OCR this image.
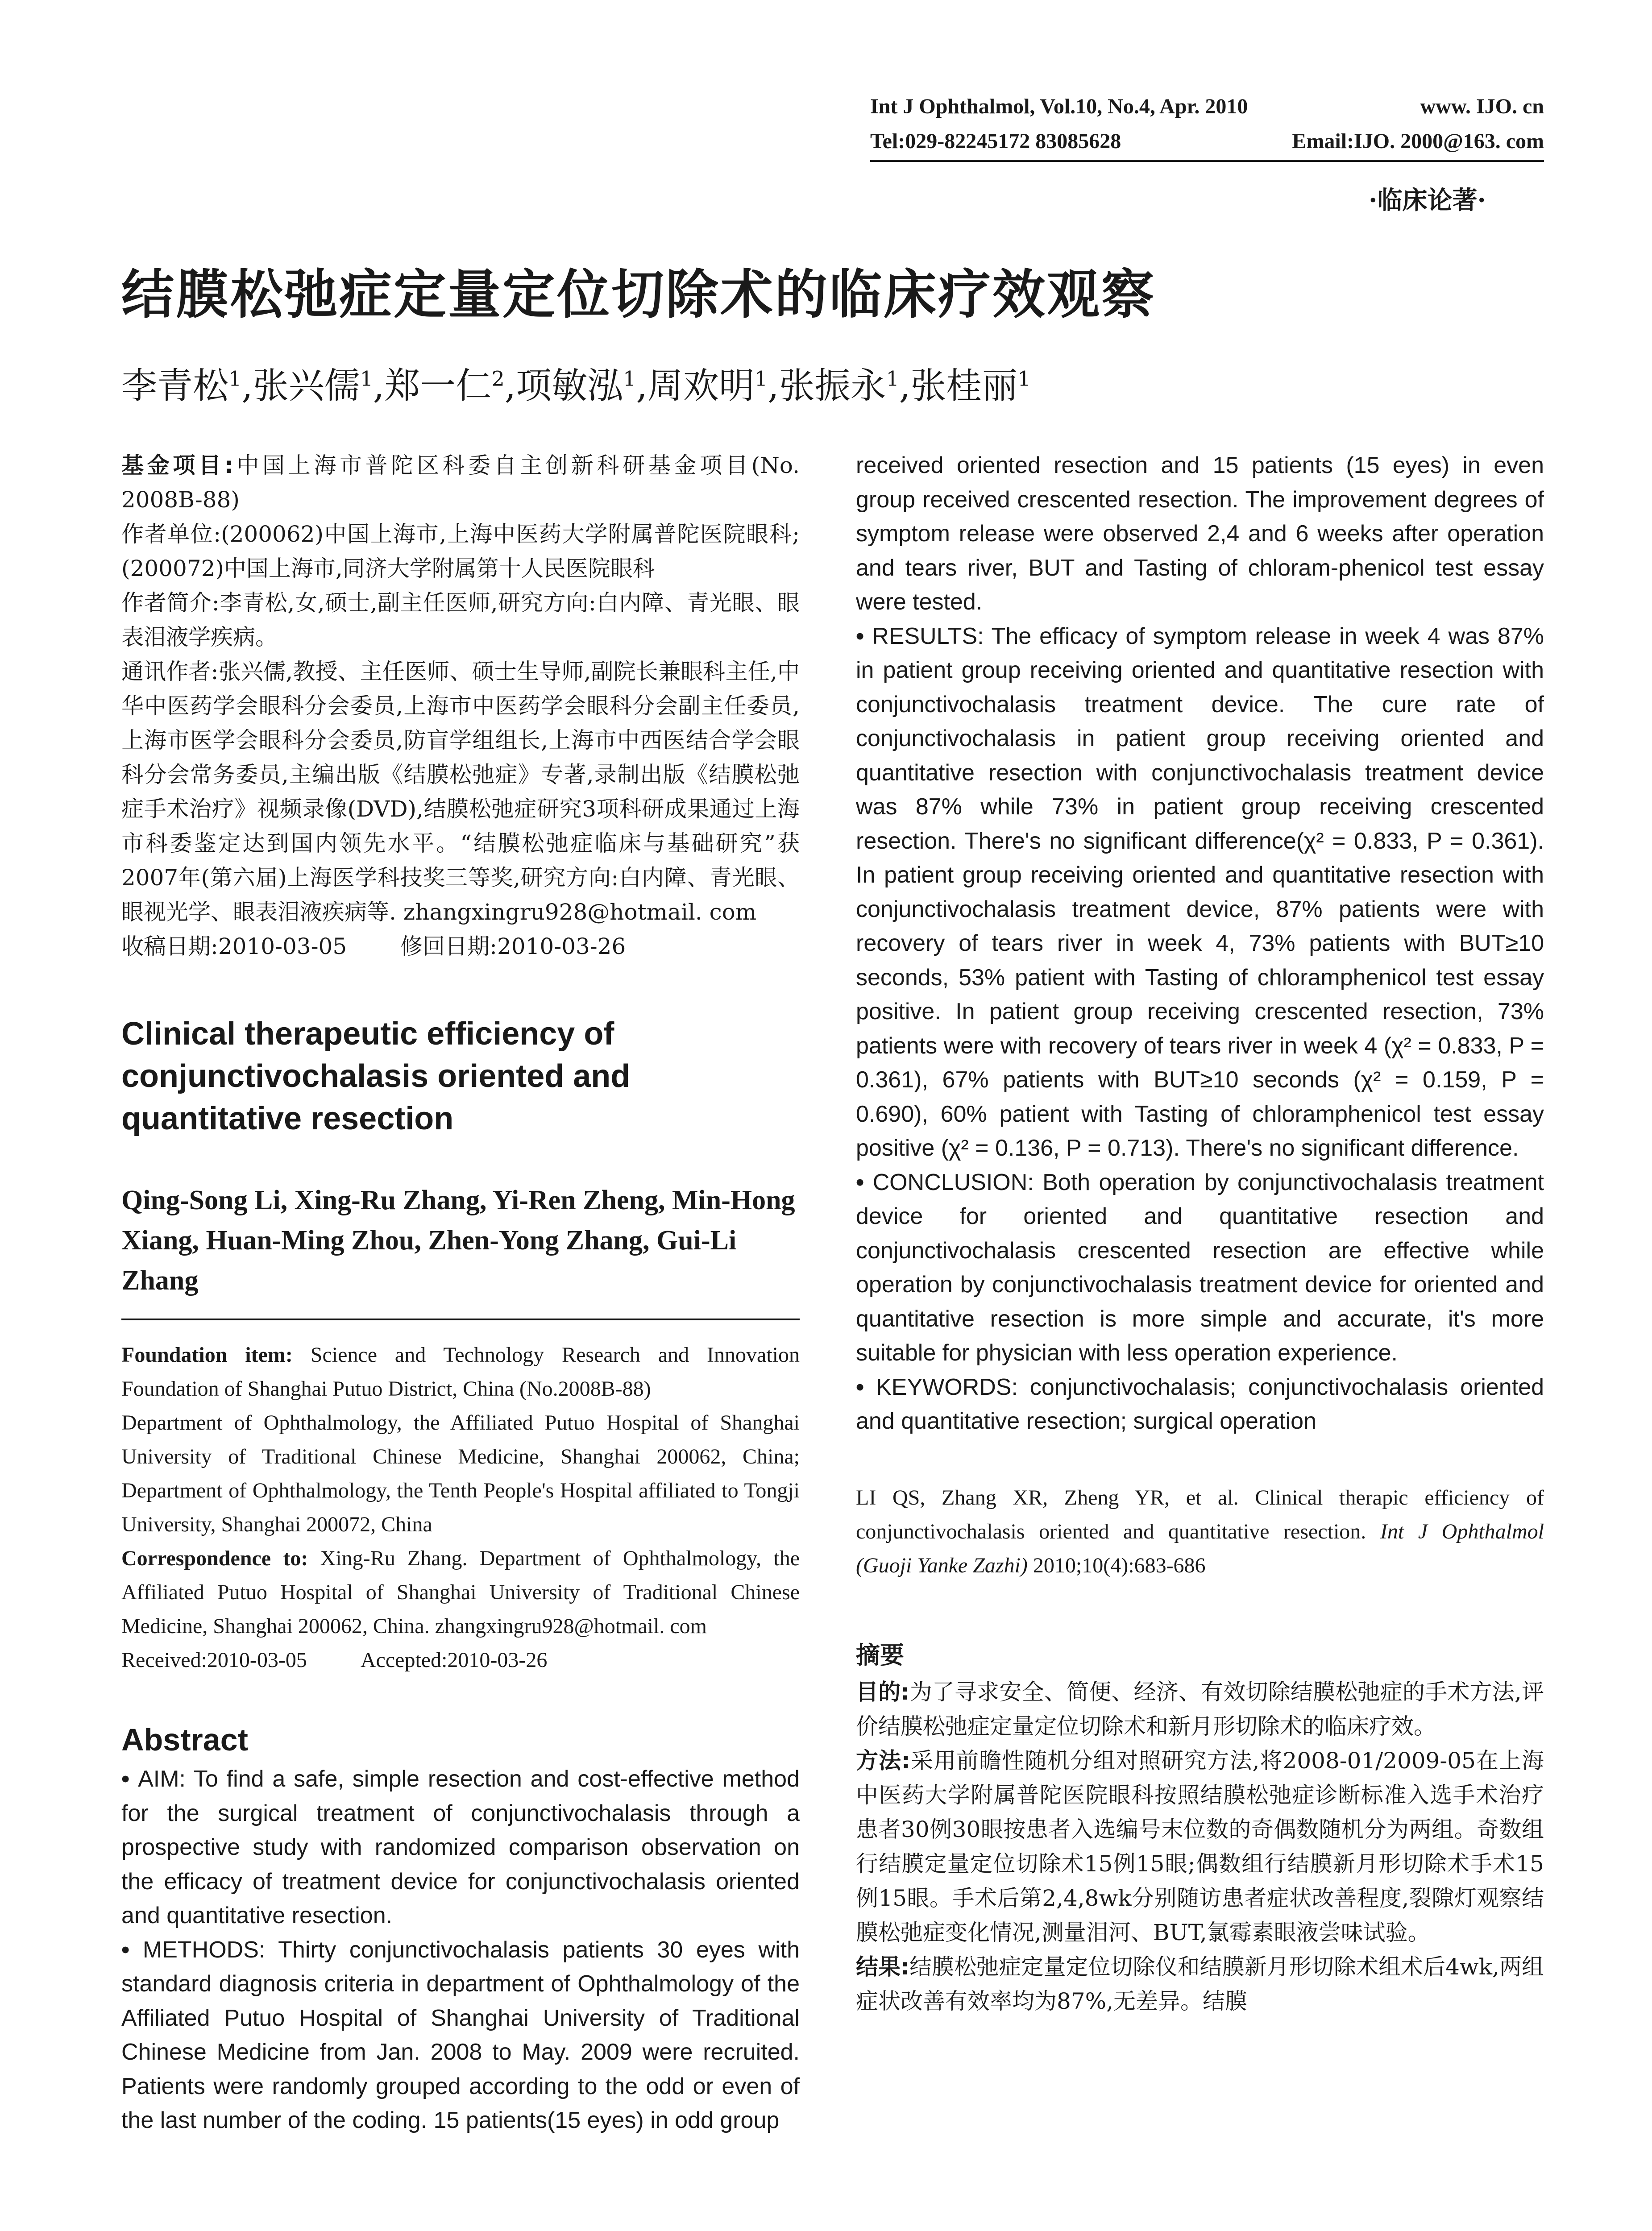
Int J Ophthalmol, Vol.10, No.4, Apr. 2010	www. IJO. cn
Tel:029-82245172 83085628	Email:IJO. 2000@163. com
·临床论著·
结膜松弛症定量定位切除术的临床疗效观察
李青松$^1$,张兴儒$^1$,郑一仁$^2$,项敏泓$^1$,周欢明$^1$,张振永$^1$,张桂丽$^1$

基金项目:中国上海市普陀区科委自主创新科研基金项目(No. 2008B-88)

作者单位:(200062)中国上海市,上海中医药大学附属普陀医院眼科;(200072)中国上海市,同济大学附属第十人民医院眼科

作者简介:李青松,女,硕士,副主任医师,研究方向:白内障、青光眼、眼表泪液学疾病。

通讯作者:张兴儒,教授、主任医师、硕士生导师,副院长兼眼科主任,中华中医药学会眼科分会委员,上海市中医药学会眼科分会副主任委员,上海市医学会眼科分会委员,防盲学组组长,上海市中西医结合学会眼科分会常务委员,主编出版《结膜松弛症》专著,录制出版《结膜松弛症手术治疗》视频录像(DVD),结膜松弛症研究3项科研成果通过上海市科委鉴定达到国内领先水平。“结膜松弛症临床与基础研究”获2007年(第六届)上海医学科技奖三等奖,研究方向:白内障、青光眼、眼视光学、眼表泪液疾病等. zhangxingru928@hotmail. com

收稿日期:2010-03-05 修回日期:2010-03-26

Clinical therapeutic efficiency of conjunctivochalasis oriented and quantitative resection
Qing-Song Li, Xing-Ru Zhang, Yi-Ren Zheng, Min-Hong Xiang, Huan-Ming Zhou, Zhen-Yong Zhang, Gui-Li Zhang

Foundation item: Science and Technology Research and Innovation Foundation of Shanghai Putuo District, China (No.2008B-88)

Department of Ophthalmology, the Affiliated Putuo Hospital of Shanghai University of Traditional Chinese Medicine, Shanghai 200062, China; Department of Ophthalmology, the Tenth People's Hospital affiliated to Tongji University, Shanghai 200072, China

Correspondence to: Xing-Ru Zhang. Department of Ophthalmology, the Affiliated Putuo Hospital of Shanghai University of Traditional Chinese Medicine, Shanghai 200062, China. zhangxingru928@hotmail. com

Received:2010-03-05	Accepted:2010-03-26

Abstract

• AIM: To find a safe, simple resection and cost-effective method for the surgical treatment of conjunctivochalasis through a prospective study with randomized comparison observation on the efficacy of treatment device for conjunctivochalasis oriented and quantitative resection.

• METHODS: Thirty conjunctivochalasis patients 30 eyes with standard diagnosis criteria in department of Ophthalmology of the Affiliated Putuo Hospital of Shanghai University of Traditional Chinese Medicine from Jan. 2008 to May. 2009 were recruited. Patients were randomly grouped according to the odd or even of the last number of the coding. 15 patients(15 eyes) in odd group

received oriented resection and 15 patients (15 eyes) in even group received crescented resection. The improvement degrees of symptom release were observed 2,4 and 6 weeks after operation and tears river, BUT and Tasting of chloram-phenicol test essay were tested.

• RESULTS: The efficacy of symptom release in week 4 was 87% in patient group receiving oriented and quantitative resection with conjunctivochalasis treatment device. The cure rate of conjunctivochalasis in patient group receiving oriented and quantitative resection with conjunctivochalasis treatment device was 87% while 73% in patient group receiving crescented resection. There's no significant difference(χ² = 0.833, P = 0.361). In patient group receiving oriented and quantitative resection with conjunctivochalasis treatment device, 87% patients were with recovery of tears river in week 4, 73% patients with BUT≥10 seconds, 53% patient with Tasting of chloramphenicol test essay positive. In patient group receiving crescented resection, 73% patients were with recovery of tears river in week 4 (χ² = 0.833, P = 0.361), 67% patients with BUT≥10 seconds (χ² = 0.159, P = 0.690), 60% patient with Tasting of chloramphenicol test essay positive (χ² = 0.136, P = 0.713). There's no significant difference.

• CONCLUSION: Both operation by conjunctivochalasis treatment device for oriented and quantitative resection and conjunctivochalasis crescented resection are effective while operation by conjunctivochalasis treatment device for oriented and quantitative resection is more simple and accurate, it's more suitable for physician with less operation experience.

• KEYWORDS: conjunctivochalasis; conjunctivochalasis oriented and quantitative resection; surgical operation

LI QS, Zhang XR, Zheng YR, et al. Clinical therapic efficiency of conjunctivochalasis oriented and quantitative resection. Int J Ophthalmol (Guoji Yanke Zazhi) 2010;10(4):683-686

摘要

目的:为了寻求安全、简便、经济、有效切除结膜松弛症的手术方法,评价结膜松弛症定量定位切除术和新月形切除术的临床疗效。

方法:采用前瞻性随机分组对照研究方法,将2008-01/2009-05在上海中医药大学附属普陀医院眼科按照结膜松弛症诊断标准入选手术治疗患者30例30眼按患者入选编号末位数的奇偶数随机分为两组。奇数组行结膜定量定位切除术15例15眼;偶数组行结膜新月形切除术手术15例15眼。手术后第2,4,8wk分别随访患者症状改善程度,裂隙灯观察结膜松弛症变化情况,测量泪河、BUT,氯霉素眼液尝味试验。

结果:结膜松弛症定量定位切除仪和结膜新月形切除术组术后4wk,两组症状改善有效率均为87%,无差异。结膜
